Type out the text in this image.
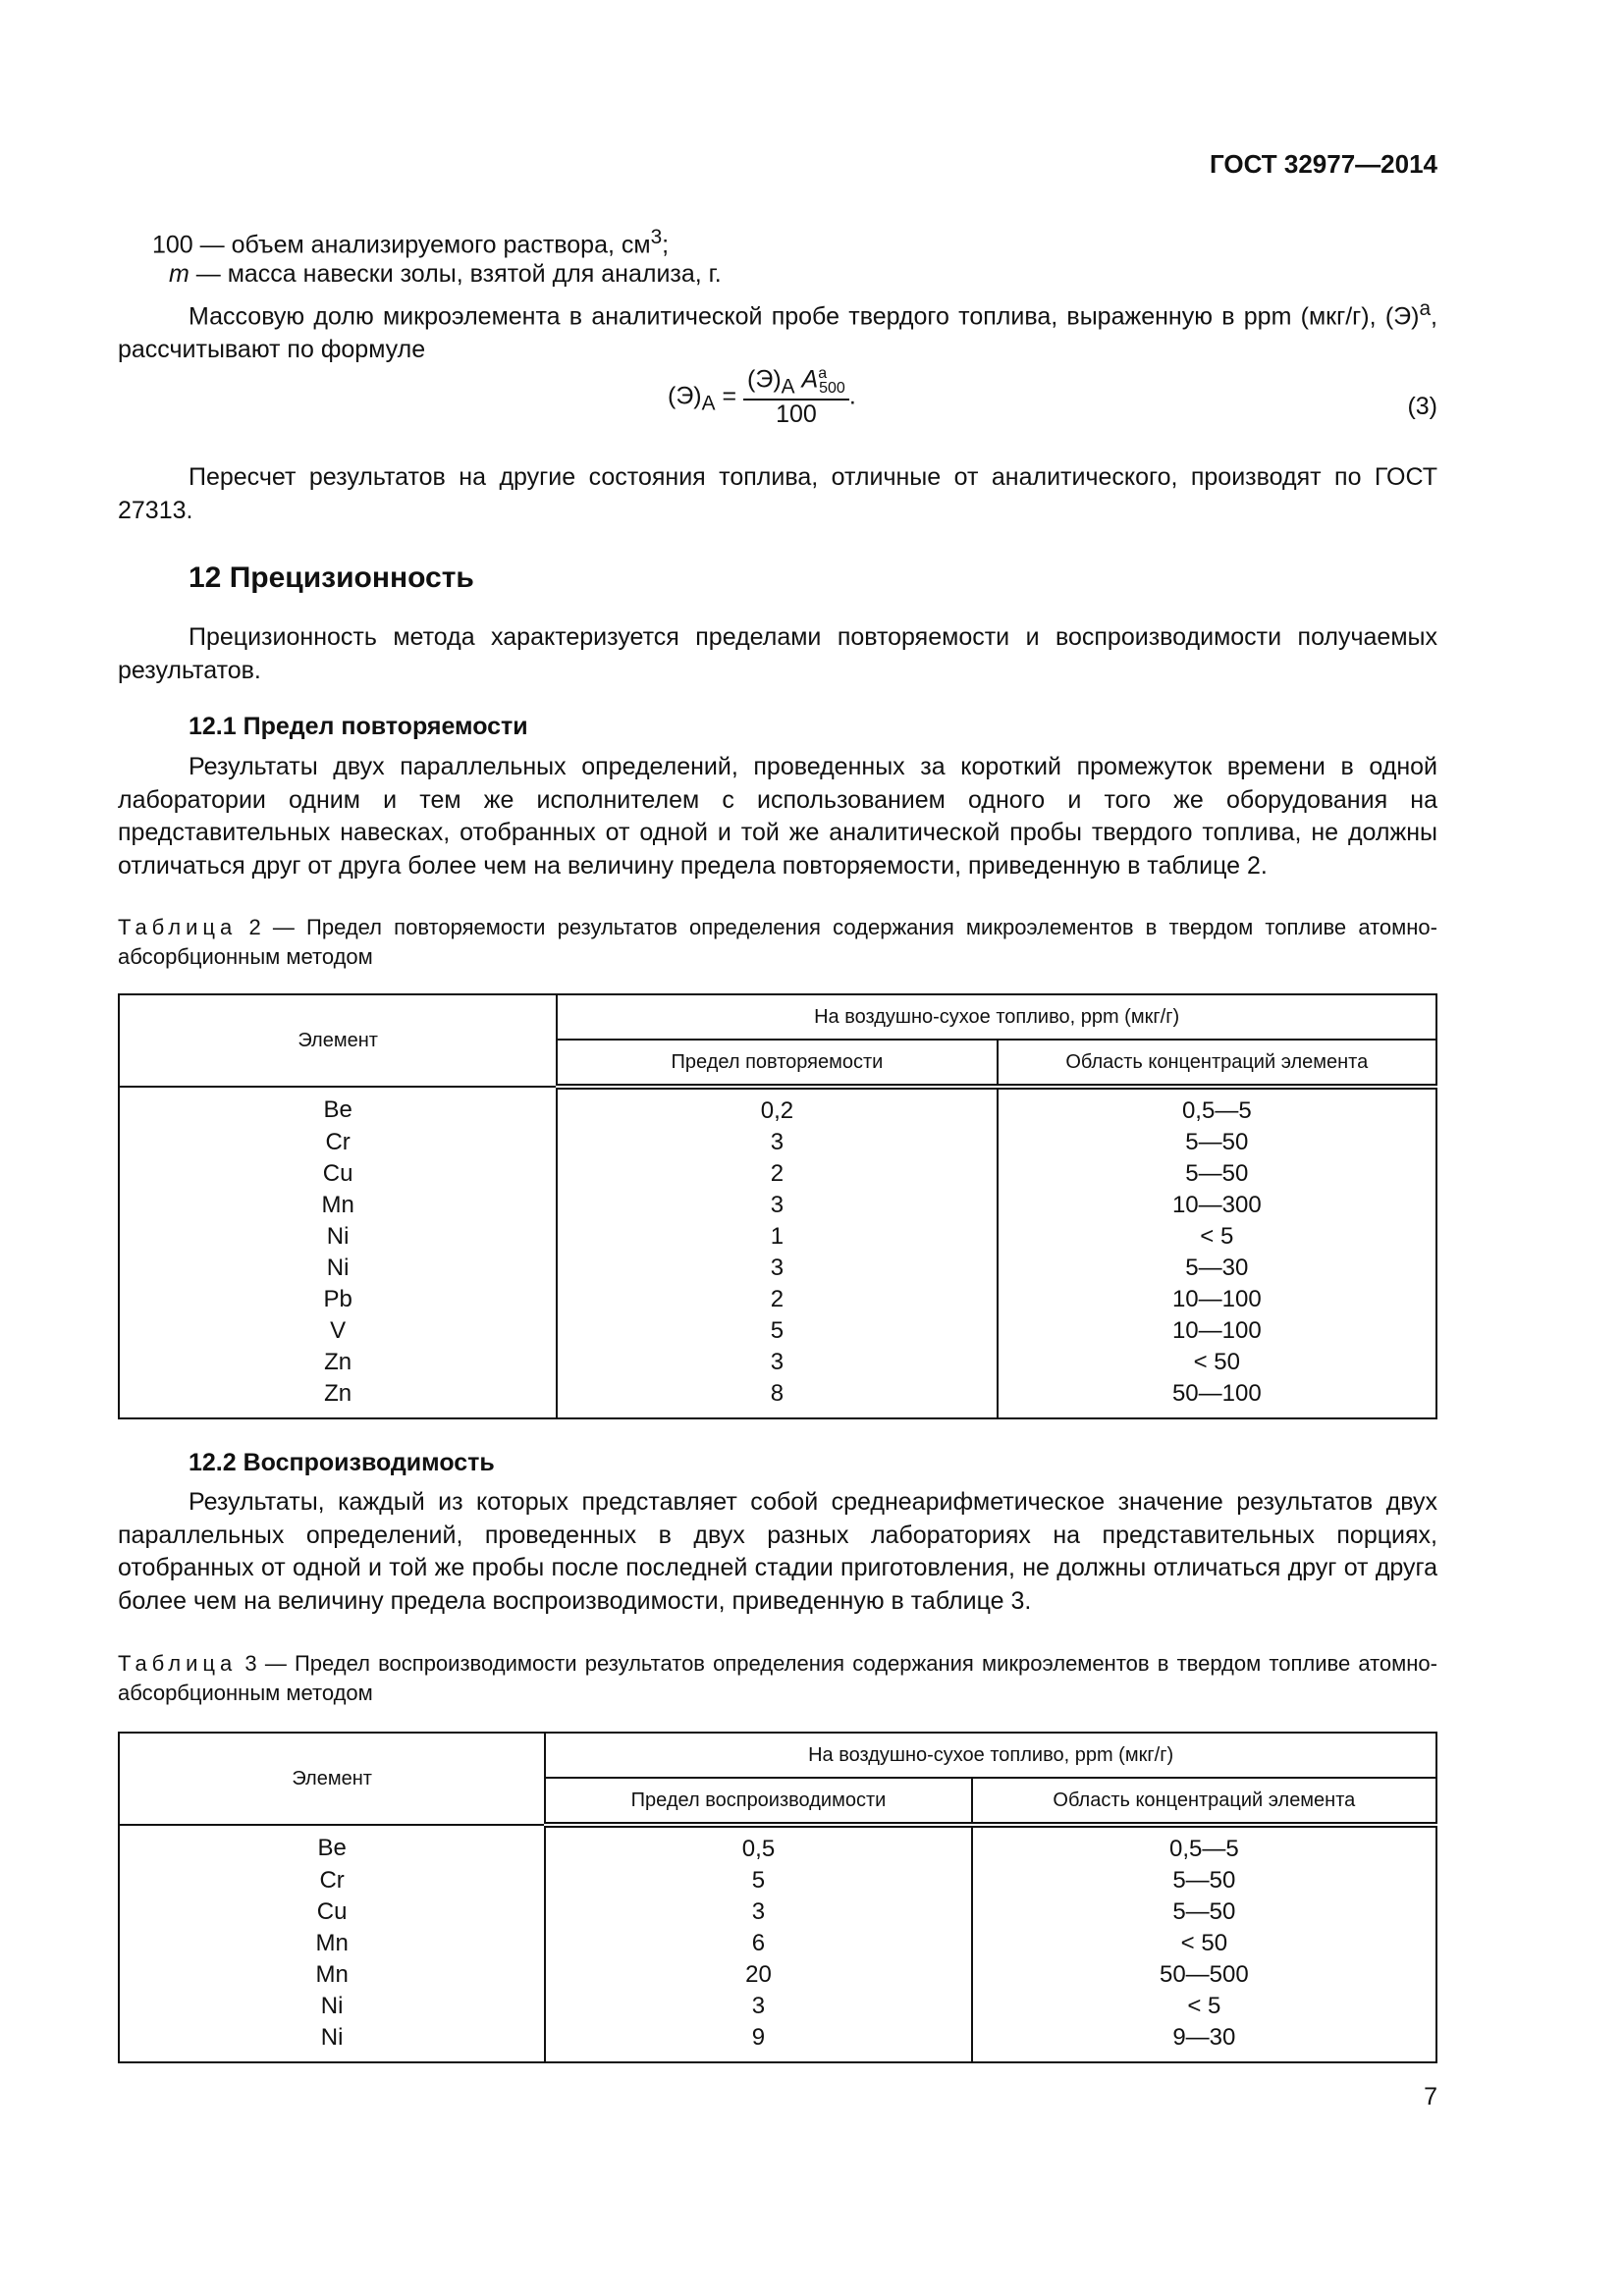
ГОСТ 32977—2014
100 — объем анализируемого раствора, $см^3$;
m — масса навески золы, взятой для анализа, г.
Массовую долю микроэлемента в аналитической пробе твердого топлива, выраженную в ppm (мкг/г), $(Э)^a$, рассчитывают по формуле
$(Э)_A = \frac{(Э)_A A^a_{500}}{100}$ .	(3)
Пересчет результатов на другие состояния топлива, отличные от аналитического, производят по ГОСТ 27313.
12 Прецизионность
Прецизионность метода характеризуется пределами повторяемости и воспроизводимости получаемых результатов.
12.1 Предел повторяемости
Результаты двух параллельных определений, проведенных за короткий промежуток времени в одной лаборатории одним и тем же исполнителем с использованием одного и того же оборудования на представительных навесках, отобранных от одной и той же аналитической пробы твердого топлива, не должны отличаться друг от друга более чем на величину предела повторяемости, приведенную в таблице 2.
Таблица 2 — Предел повторяемости результатов определения содержания микроэлементов в твердом топливе атомно-абсорбционным методом
Элемент	На воздушно-сухое топливо, ppm (мкг/г)	
	Предел повторяемости	Область концентраций элемента
Be	0,2	0,5—5
Cr	3	5—50
Cu	2	5—50
Mn	3	10—300
Ni	1	< 5
Ni	3	5—30
Pb	2	10—100
V	5	10—100
Zn	3	< 50
Zn	8	50—100
12.2 Воспроизводимость
Результаты, каждый из которых представляет собой среднеарифметическое значение результатов двух параллельных определений, проведенных в двух разных лабораториях на представительных порциях, отобранных от одной и той же пробы после последней стадии приготовления, не должны отличаться друг от друга более чем на величину предела воспроизводимости, приведенную в таблице 3.
Таблица 3 — Предел воспроизводимости результатов определения содержания микроэлементов в твердом топливе атомно-абсорбционным методом
Элемент	На воздушно-сухое топливо, ppm (мкг/г)	
	Предел воспроизводимости	Область концентраций элемента
Be	0,5	0,5—5
Cr	5	5—50
Cu	3	5—50
Mn	6	< 50
Mn	20	50—500
Ni	3	< 5
Ni	9	9—30
7
